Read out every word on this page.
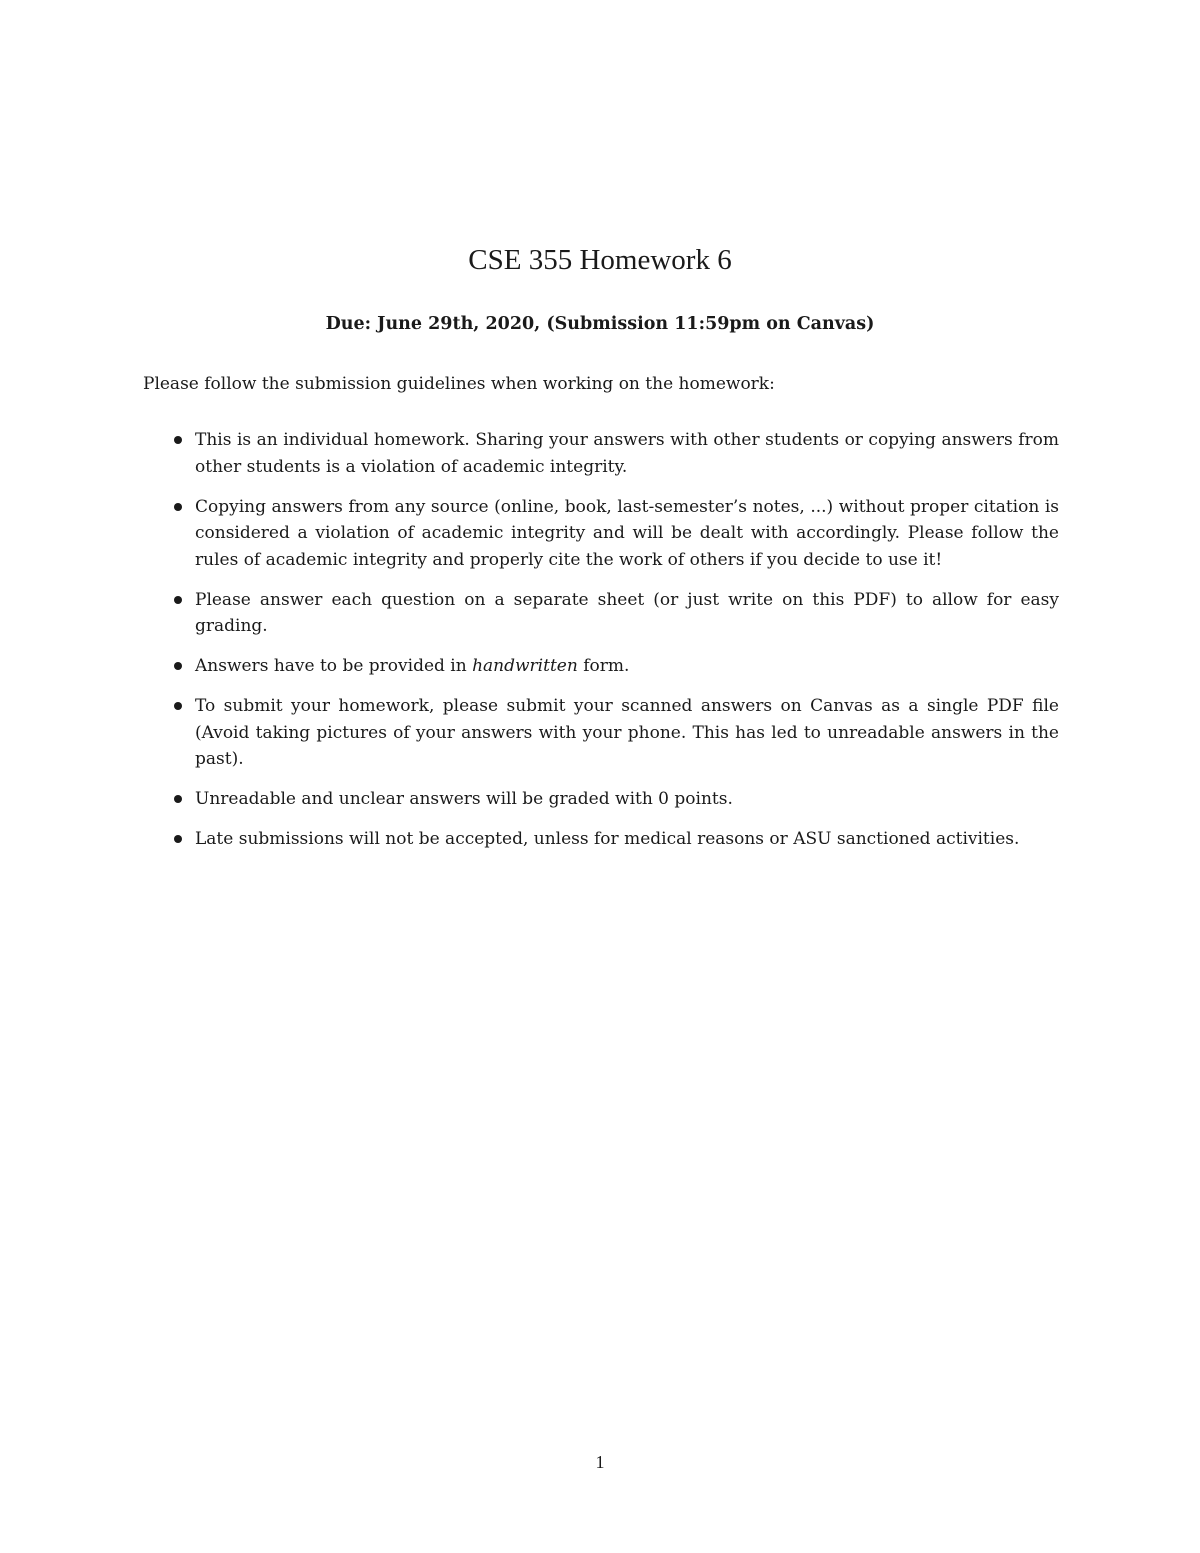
CSE 355 Homework 6

Due: June 29th, 2020, (Submission 11:59pm on Canvas)

Please follow the submission guidelines when working on the homework:

This is an individual homework. Sharing your answers with other students or copying answers from other students is a violation of academic integrity.
Copying answers from any source (online, book, last-semester’s notes, ...) without proper citation is considered a violation of academic integrity and will be dealt with accordingly. Please follow the rules of academic integrity and properly cite the work of others if you decide to use it!
Please answer each question on a separate sheet (or just write on this PDF) to allow for easy grading.
Answers have to be provided in handwritten form.
To submit your homework, please submit your scanned answers on Canvas as a single PDF file (Avoid taking pictures of your answers with your phone. This has led to unreadable answers in the past).
Unreadable and unclear answers will be graded with 0 points.
Late submissions will not be accepted, unless for medical reasons or ASU sanctioned activities.
1
